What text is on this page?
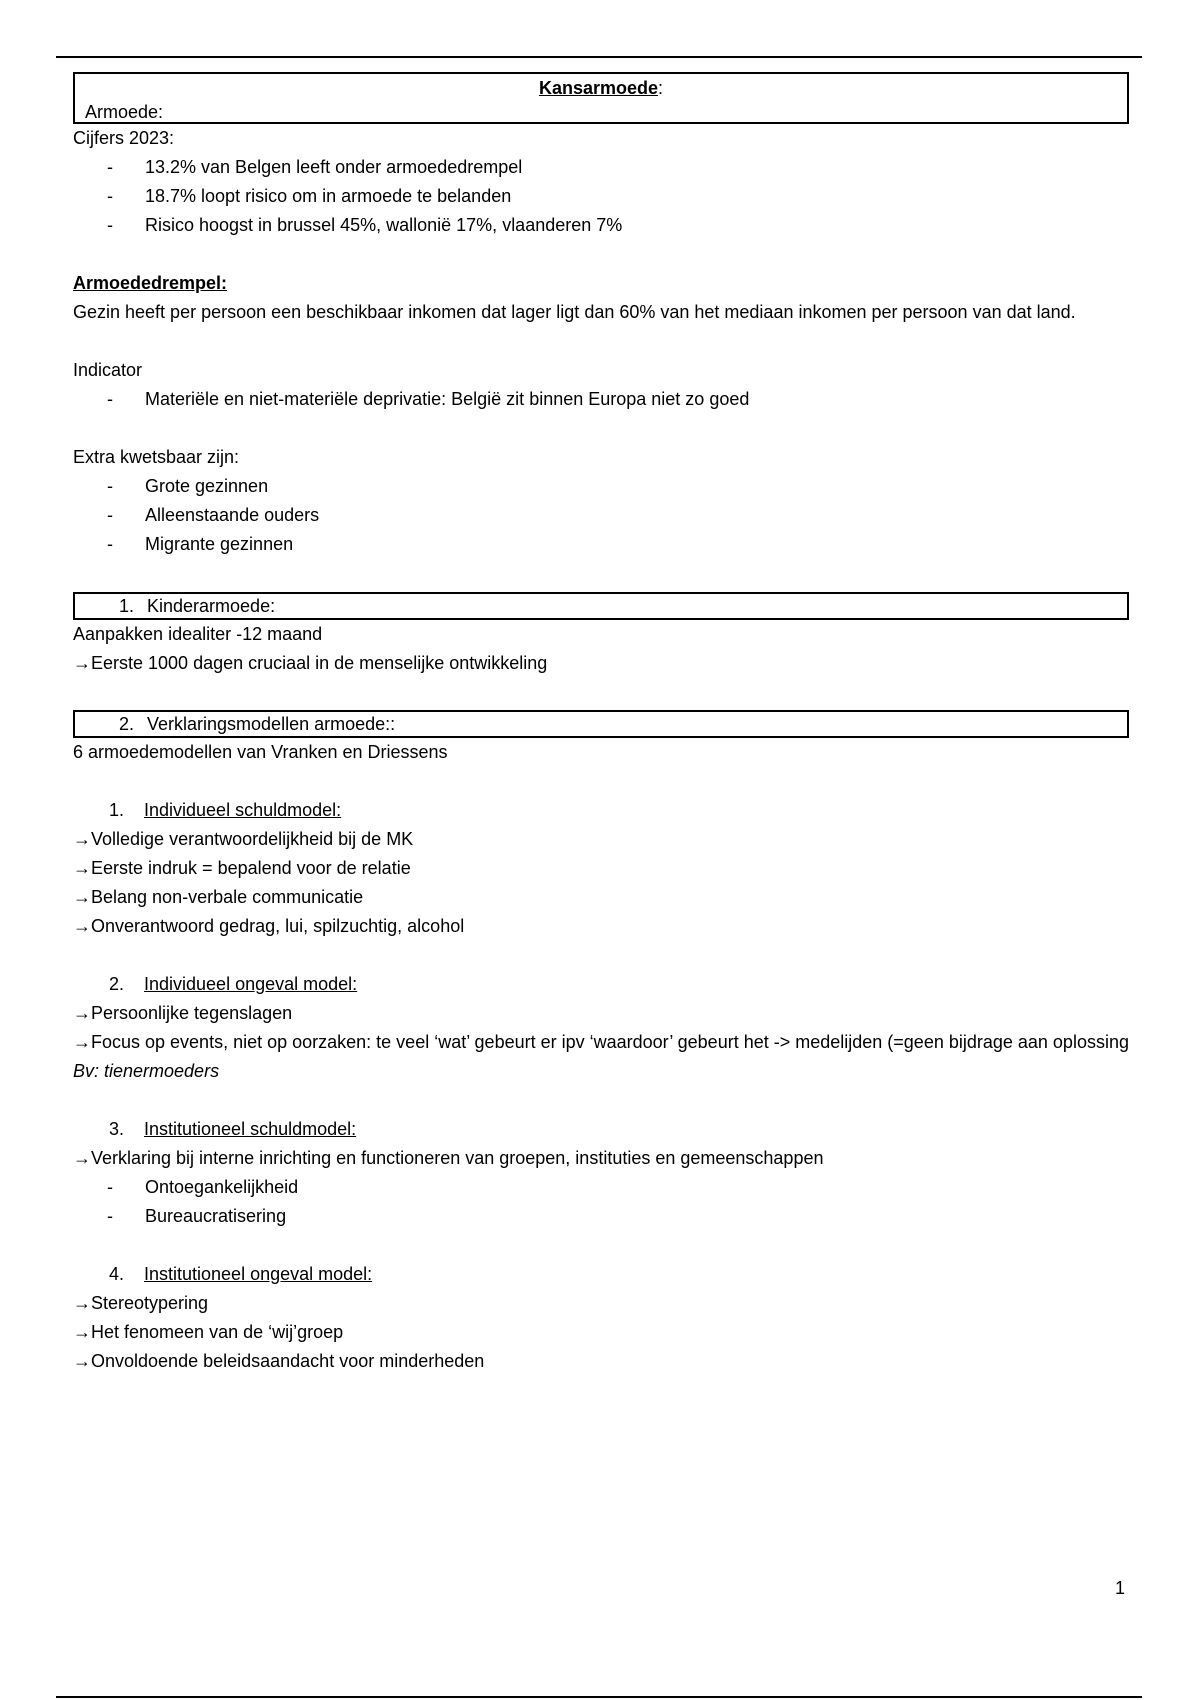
Kansarmoede:
Armoede:
Cijfers 2023:
- 13.2% van Belgen leeft onder armoededrempel
- 18.7% loopt risico om in armoede te belanden
- Risico hoogst in brussel 45%, wallonië 17%, vlaanderen 7%
Armoededrempel:
Gezin heeft per persoon een beschikbaar inkomen dat lager ligt dan 60% van het mediaan inkomen per persoon van dat land.
Indicator
- Materiële en niet-materiële deprivatie: België zit binnen Europa niet zo goed
Extra kwetsbaar zijn:
- Grote gezinnen
- Alleenstaande ouders
- Migrante gezinnen
1. Kinderarmoede:
Aanpakken idealiter -12 maand
→Eerste 1000 dagen cruciaal in de menselijke ontwikkeling
2. Verklaringsmodellen armoede::
6 armoedemodellen van Vranken en Driessens
1. Individueel schuldmodel:
→Volledige verantwoordelijkheid bij de MK
→Eerste indruk = bepalend voor de relatie
→Belang non-verbale communicatie
→Onverantwoord gedrag, lui, spilzuchtig, alcohol
2. Individueel ongeval model:
→Persoonlijke tegenslagen
→Focus op events, niet op oorzaken: te veel ‘wat’ gebeurt er ipv ‘waardoor’ gebeurt het -> medelijden (=geen bijdrage aan oplossing
Bv: tienermoeders
3. Institutioneel schuldmodel:
→Verklaring bij interne inrichting en functioneren van groepen, instituties en gemeenschappen
- Ontoegankelijkheid
- Bureaucratisering
4. Institutioneel ongeval model:
→Stereotypering
→Het fenomeen van de ‘wij’groep
→Onvoldoende beleidsaandacht voor minderheden
1
